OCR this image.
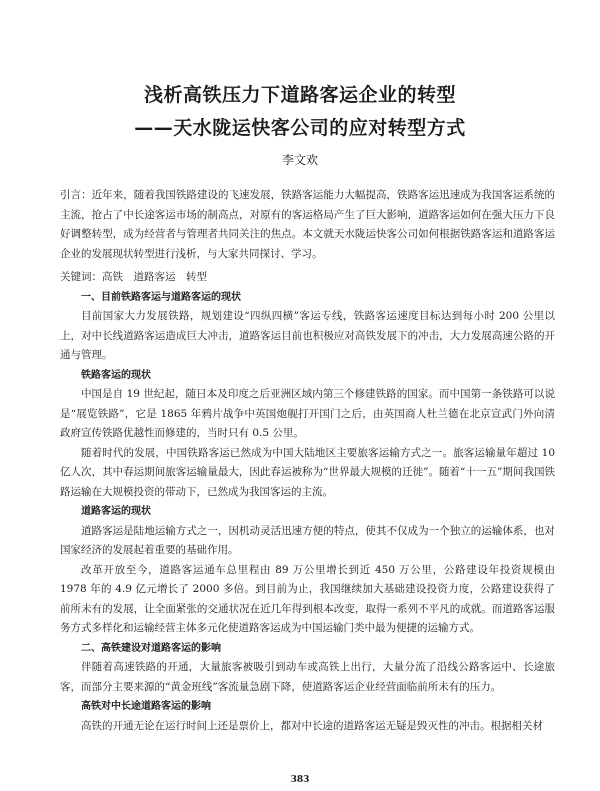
浅析高铁压力下道路客运企业的转型
——天水陇运快客公司的应对转型方式
李文欢

引言：近年来，随着我国铁路建设的飞速发展，铁路客运能力大幅提高，铁路客运迅速成为我国客运系统的主流，抢占了中长途客运市场的制高点，对原有的客运格局产生了巨大影响，道路客运如何在强大压力下良好调整转型，成为经营者与管理者共同关注的焦点。本文就天水陇运快客公司如何根据铁路客运和道路客运企业的发展现状转型进行浅析，与大家共同探讨、学习。

关键词：高铁　道路客运　转型

一、目前铁路客运与道路客运的现状

目前国家大力发展铁路，规划建设“四纵四横”客运专线，铁路客运速度目标达到每小时 200 公里以上，对中长线道路客运造成巨大冲击，道路客运目前也积极应对高铁发展下的冲击，大力发展高速公路的开通与管理。

铁路客运的现状

中国是自 19 世纪起，随日本及印度之后亚洲区域内第三个修建铁路的国家。而中国第一条铁路可以说是“展览铁路”，它是 1865 年鸦片战争中英国炮舰打开国门之后，由英国商人杜兰德在北京宣武门外向清政府宣传铁路优越性而修建的，当时只有 0.5 公里。

随着时代的发展，中国铁路客运已然成为中国大陆地区主要旅客运输方式之一。旅客运输量年超过 10 亿人次，其中春运期间旅客运输量最大，因此春运被称为“世界最大规模的迁徙”。随着“十一五”期间我国铁路运输在大规模投资的带动下，已然成为我国客运的主流。

道路客运的现状

道路客运是陆地运输方式之一，因机动灵活迅速方便的特点，使其不仅成为一个独立的运输体系，也对国家经济的发展起着重要的基础作用。

改革开放至今，道路客运通车总里程由 89 万公里增长到近 450 万公里，公路建设年投资规模由 1978 年的 4.9 亿元增长了 2000 多倍。到目前为止，我国继续加大基础建设投资力度，公路建设获得了前所未有的发展，让全面紧张的交通状况在近几年得到根本改变，取得一系列不平凡的成就。而道路客运服务方式多样化和运输经营主体多元化使道路客运成为中国运输门类中最为便捷的运输方式。

二、高铁建设对道路客运的影响

伴随着高速铁路的开通，大量旅客被吸引到动车或高铁上出行，大量分流了沿线公路客运中、长途旅客，而部分主要来源的“黄金班线”客流量急剧下降，使道路客运企业经营面临前所未有的压力。

高铁对中长途道路客运的影响

高铁的开通无论在运行时间上还是票价上，都对中长途的道路客运无疑是毁灭性的冲击。根据相关材

383
